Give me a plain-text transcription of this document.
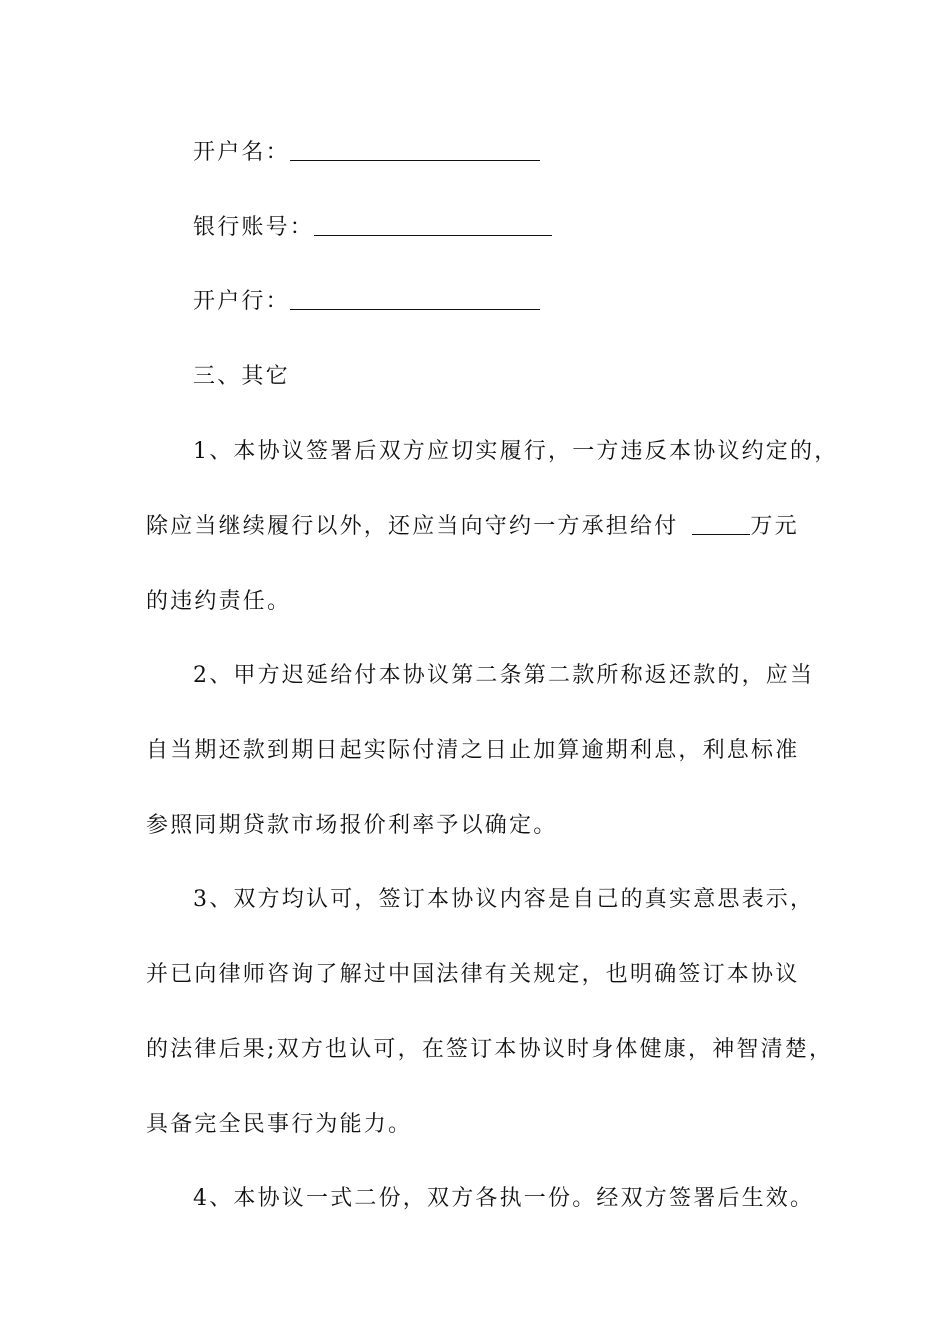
开户名：
银行账号：
开户行：
三、其它
1、本协议签署后双方应切实履行，一方违反本协议约定的，
除应当继续履行以外，还应当向守约一方承担给付	万元
的违约责任。
2、甲方迟延给付本协议第二条第二款所称返还款的，应当
自当期还款到期日起实际付清之日止加算逾期利息，利息标准
参照同期贷款市场报价利率予以确定。
3、双方均认可，签订本协议内容是自己的真实意思表示，
并已向律师咨询了解过中国法律有关规定，也明确签订本协议
的法律后果;双方也认可，在签订本协议时身体健康，神智清楚，
具备完全民事行为能力。
4、本协议一式二份，双方各执一份。经双方签署后生效。
